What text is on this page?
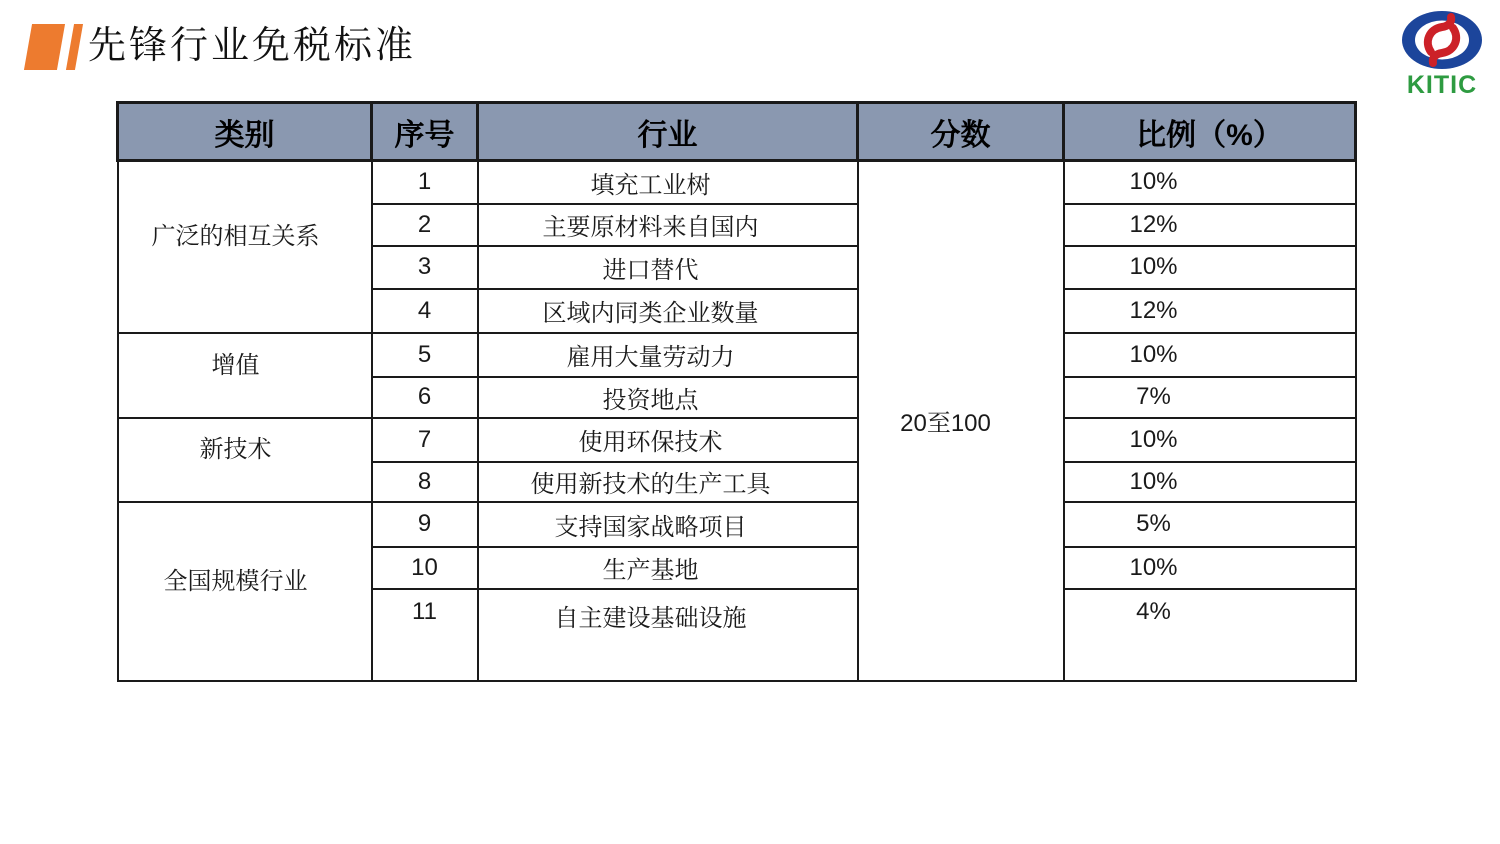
先锋行业免税标准
KITIC
类别	序号	行业	分数	比例（%）
广泛的相互关系	1	填充工业树	20至100	10%
	2	主要原材料来自国内		12%
	3	进口替代		10%
	4	区域内同类企业数量		12%
增值	5	雇用大量劳动力		10%
	6	投资地点		7%
新技术	7	使用环保技术		10%
	8	使用新技术的生产工具		10%
全国规模行业	9	支持国家战略项目		5%
	10	生产基地		10%
	11	自主建设基础设施		4%
